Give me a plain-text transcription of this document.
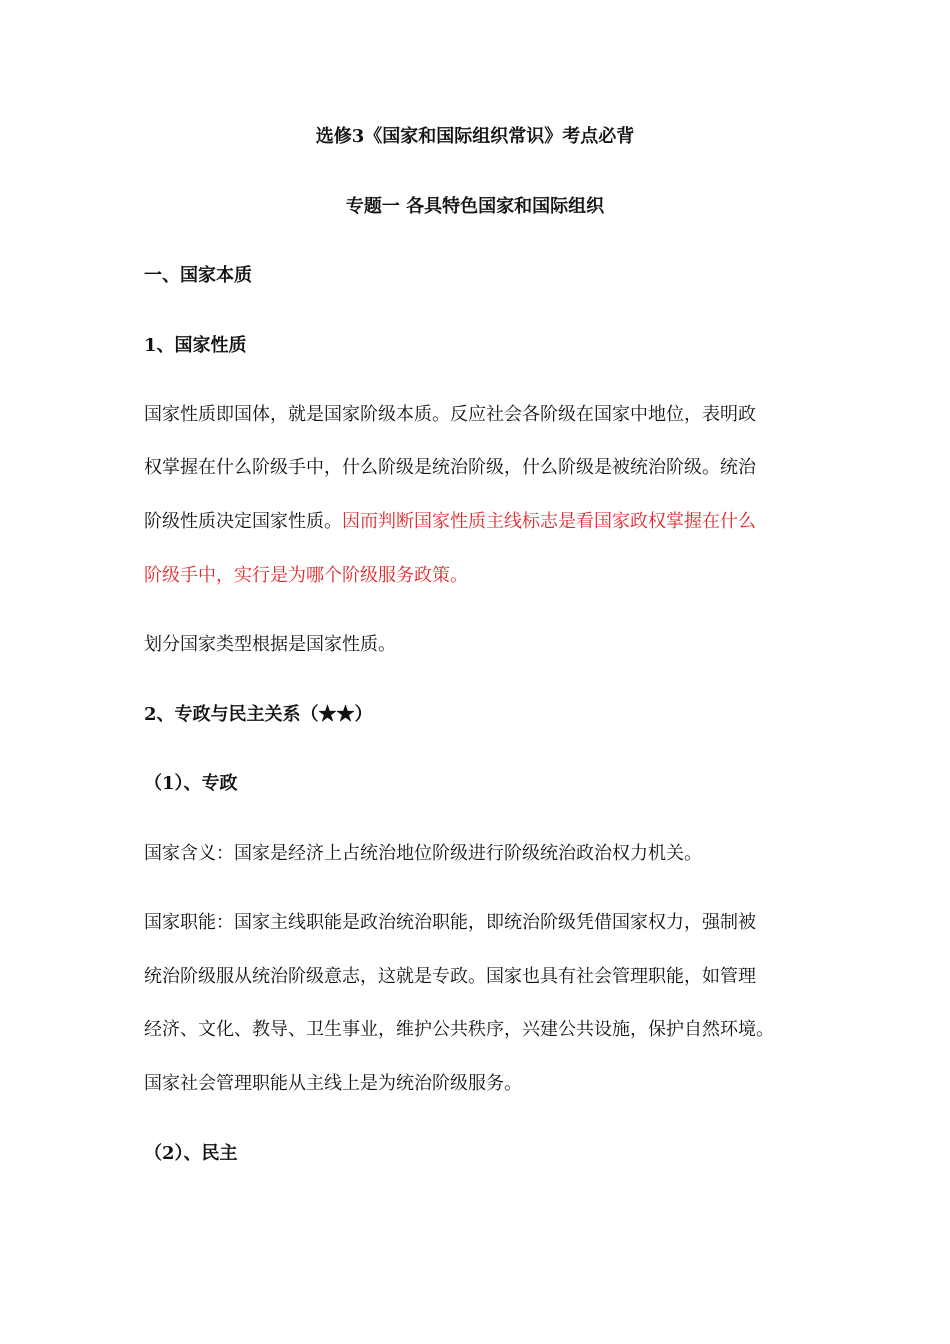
选修3《国家和国际组织常识》考点必背
专题一 各具特色国家和国际组织
一、国家本质
1、国家性质
国家性质即国体，就是国家阶级本质。反应社会各阶级在国家中地位，表明政
权掌握在什么阶级手中，什么阶级是统治阶级，什么阶级是被统治阶级。统治
阶级性质决定国家性质。因而判断国家性质主线标志是看国家政权掌握在什么
阶级手中，实行是为哪个阶级服务政策。
划分国家类型根据是国家性质。
2、专政与民主关系（★★）
（1）、专政
国家含义：国家是经济上占统治地位阶级进行阶级统治政治权力机关。
国家职能：国家主线职能是政治统治职能，即统治阶级凭借国家权力，强制被
统治阶级服从统治阶级意志，这就是专政。国家也具有社会管理职能，如管理
经济、文化、教导、卫生事业，维护公共秩序，兴建公共设施，保护自然环境。
国家社会管理职能从主线上是为统治阶级服务。
（2）、民主
